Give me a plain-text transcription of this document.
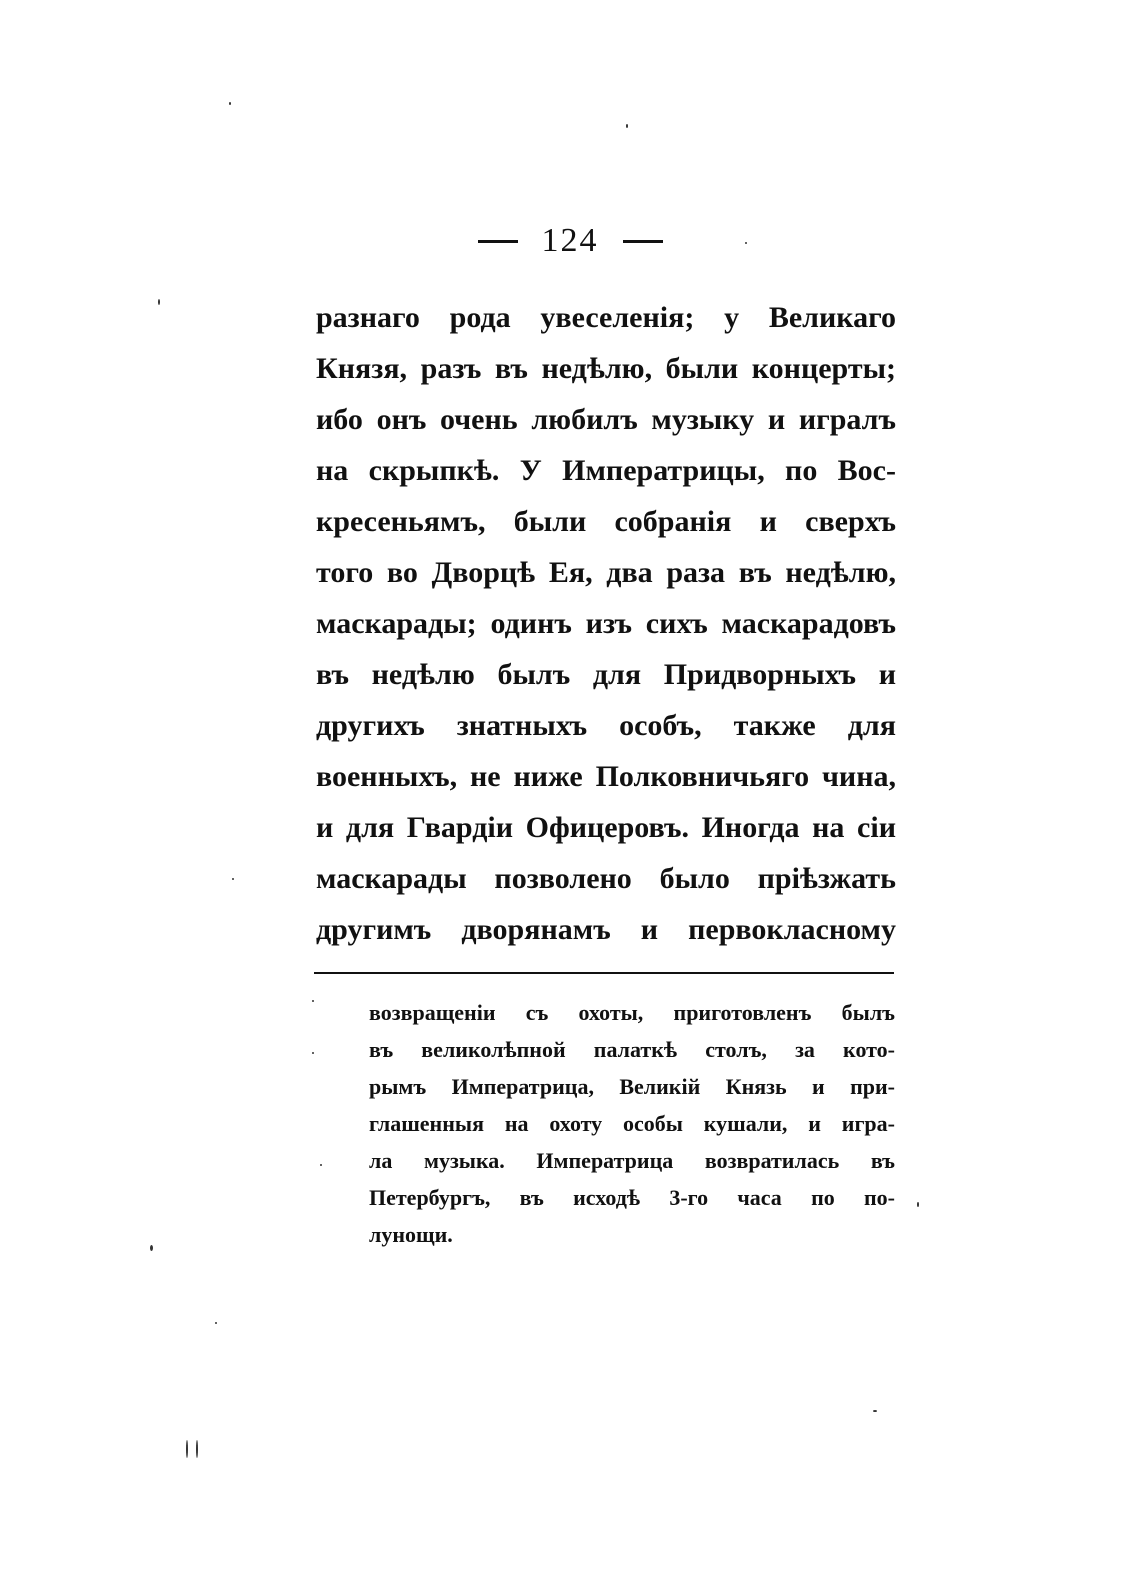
124
разнаго рода увеселенія; у Великаго
Князя, разъ въ недѣлю, были концерты;
ибо онъ очень любилъ музыку и игралъ
на скрыпкѣ. У Императрицы, по Вос-
кресеньямъ, были собранія и сверхъ
того во Дворцѣ Ея, два раза въ недѣлю,
маскарады; одинъ изъ сихъ маскарадовъ
въ недѣлю былъ для Придворныхъ и
другихъ знатныхъ особъ, также для
военныхъ, не ниже Полковничьяго чина,
и для Гвардіи Офицеровъ. Иногда на сіи
маскарады позволено было пріѣзжать
другимъ дворянамъ и первокласному
возвращеніи съ охоты, приготовленъ былъ
въ великолѣпной палаткѣ столъ, за кото-
рымъ Императрица, Великій Князь и при-
глашенныя на охоту особы кушали, и игра-
ла музыка. Императрица возвратилась въ
Петербургъ, въ исходѣ 3-го часа по по-
лунощи.
